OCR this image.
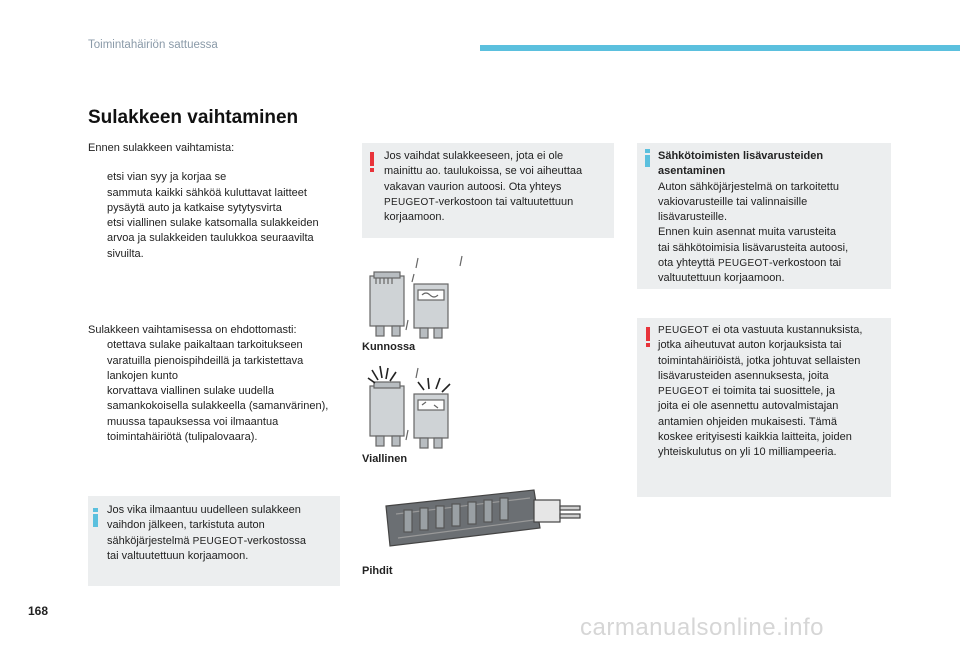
Toimintahäiriön sattuessa
Sulakkeen vaihtaminen

Ennen sulakkeen vaihtamista:

etsi vian syy ja korjaa se
sammuta kaikki sähköä kuluttavat laitteet
pysäytä auto ja katkaise sytytysvirta
etsi viallinen sulake katsomalla sulakkeiden arvoa ja sulakkeiden taulukkoa seuraavilta sivuilta.

Sulakkeen vaihtamisessa on ehdottomasti:

otettava sulake paikaltaan tarkoitukseen varatuilla pienoispihdeillä ja tarkistettava lankojen kunto
korvattava viallinen sulake uudella samankokoisella sulakkeella (samanvärinen), muussa tapauksessa voi ilmaantua toimintahäiriötä (tulipalovaara).
Jos vika ilmaantuu uudelleen sulakkeen
vaihdon jälkeen, tarkistuta auton
sähköjärjestelmä PEUGEOT-verkostossa
tai valtuutettuun korjaamoon.
Jos vaihdat sulakkeeseen, jota ei ole
mainittu ao. taulukoissa, se voi aiheuttaa
vakavan vaurion autoosi. Ota yhteys
PEUGEOT-verkostoon tai valtuutettuun
korjaamoon.
Kunnossa
Viallinen
Pihdit
Sähkötoimisten lisävarusteiden
asentaminen
Auton sähköjärjestelmä on tarkoitettu
vakiovarusteille tai valinnaisille
lisävarusteille.
Ennen kuin asennat muita varusteita
tai sähkötoimisia lisävarusteita autoosi,
ota yhteyttä PEUGEOT-verkostoon tai
valtuutettuun korjaamoon.
PEUGEOT ei ota vastuuta kustannuksista,
jotka aiheutuvat auton korjauksista tai
toimintahäiriöistä, jotka johtuvat sellaisten
lisävarusteiden asennuksesta, joita
PEUGEOT ei toimita tai suosittele, ja
joita ei ole asennettu autovalmistajan
antamien ohjeiden mukaisesti. Tämä
koskee erityisesti kaikkia laitteita, joiden
yhteiskulutus on yli 10 milliampeeria.
168
carmanualsonline.info
